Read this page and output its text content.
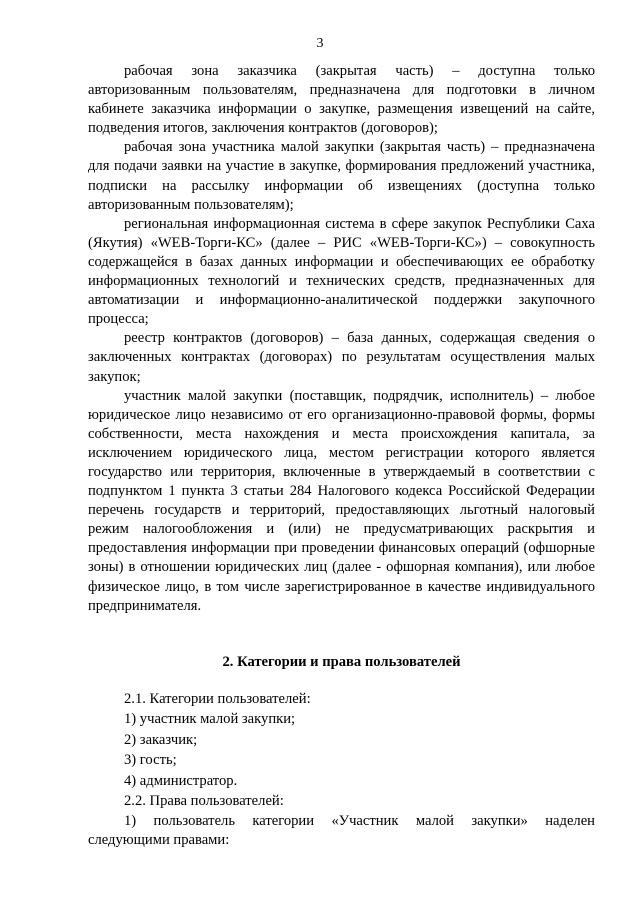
3

рабочая зона заказчика (закрытая часть) – доступна только авторизованным пользователям, предназначена для подготовки в личном кабинете заказчика информации о закупке, размещения извещений на сайте, подведения итогов, заключения контрактов (договоров);

рабочая зона участника малой закупки (закрытая часть) – предназначена для подачи заявки на участие в закупке, формирования предложений участника, подписки на рассылку информации об извещениях (доступна только авторизованным пользователям);

региональная информационная система в сфере закупок Республики Саха (Якутия) «WEB-Торги-КС» (далее – РИС «WEB-Торги-КС») – совокупность содержащейся в базах данных информации и обеспечивающих ее обработку информационных технологий и технических средств, предназначенных для автоматизации и информационно-аналитической поддержки закупочного процесса;

реестр контрактов (договоров) – база данных, содержащая сведения о заключенных контрактах (договорах) по результатам осуществления малых закупок;

участник малой закупки (поставщик, подрядчик, исполнитель) – любое юридическое лицо независимо от его организационно-правовой формы, формы собственности, места нахождения и места происхождения капитала, за исключением юридического лица, местом регистрации которого является государство или территория, включенные в утверждаемый в соответствии с подпунктом 1 пункта 3 статьи 284 Налогового кодекса Российской Федерации перечень государств и территорий, предоставляющих льготный налоговый режим налогообложения и (или) не предусматривающих раскрытия и предоставления информации при проведении финансовых операций (офшорные зоны) в отношении юридических лиц (далее - офшорная компания), или любое физическое лицо, в том числе зарегистрированное в качестве индивидуального предпринимателя.

2. Категории и права пользователей

2.1. Категории пользователей:

1) участник малой закупки;

2) заказчик;

3) гость;

4) администратор.

2.2. Права пользователей:

1) пользователь категории «Участник малой закупки» наделен следующими правами:
